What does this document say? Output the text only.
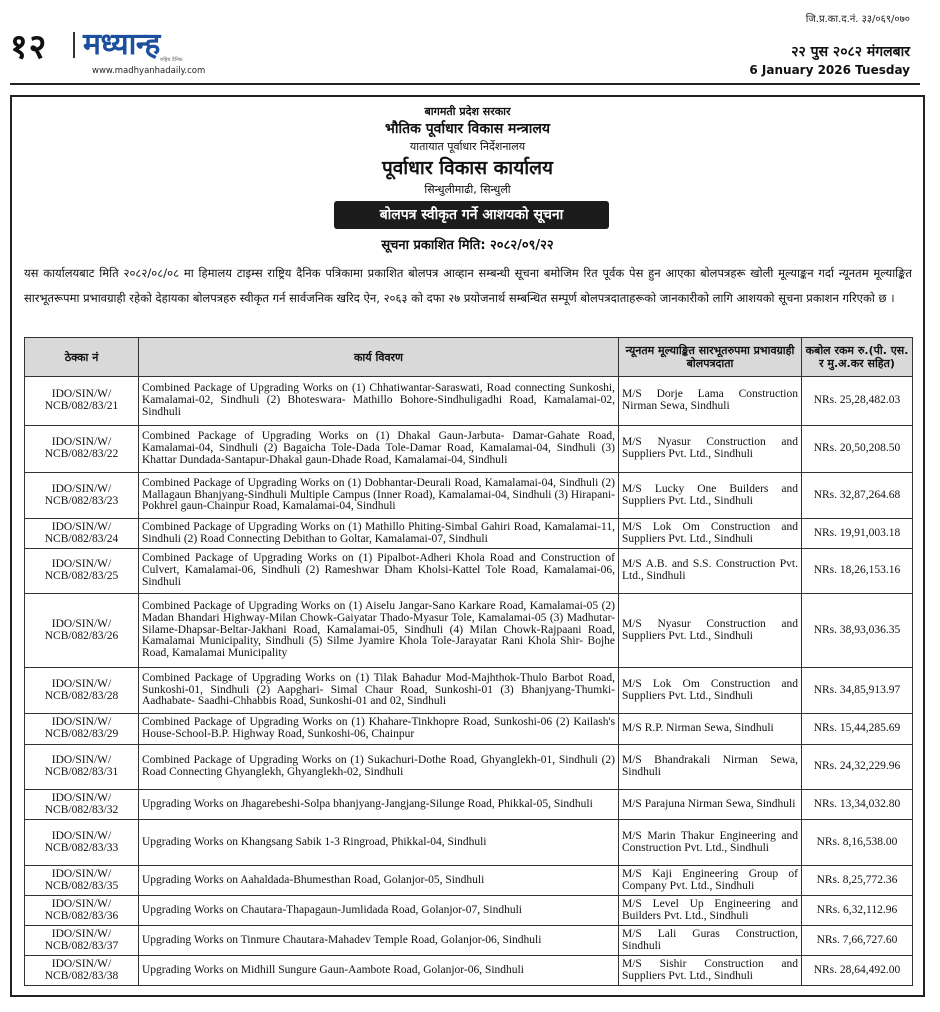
जि.प्र.का.द.नं. ३३/०६९/०७०
१२ मध्यान्ह राष्ट्रिय दैनिक
www.madhyanhadaily.com
२२ पुस २०८२ मंगलबार
6 January 2026 Tuesday
बागमती प्रदेश सरकार
भौतिक पूर्वाधार विकास मन्त्रालय
यातायात पूर्वाधार निर्देशनालय
पूर्वाधार विकास कार्यालय
सिन्धुलीमाढी, सिन्धुली
बोलपत्र स्वीकृत गर्ने आशयको सूचना
सूचना प्रकाशित मिति: २०८२/०९/२२
यस कार्यालयबाट मिति २०८२/०८/०८ मा हिमालय टाइम्स राष्ट्रिय दैनिक पत्रिकामा प्रकाशित बोलपत्र आव्हान सम्बन्धी सूचना बमोजिम रित पूर्वक पेस हुन आएका बोलपत्रहरू खोली मूल्याङ्कन गर्दा न्यूनतम मूल्याङ्कित सारभूतरूपमा प्रभावग्राही रहेको देहायका बोलपत्रहरु स्वीकृत गर्न सार्वजनिक खरिद ऐन, २०६३ को दफा २७ प्रयोजनार्थ सम्बन्धित सम्पूर्ण बोलपत्रदाताहरूको जानकारीको लागि आशयको सूचना प्रकाशन गरिएको छ ।
ठेक्का नं	कार्य विवरण	न्यूनतम मूल्याङ्कित सारभूतरुपमा प्रभावग्राही बोलपत्रदाता	कबोल रकम रु.(पी. एस. र मु.अ.कर सहित)
IDO/SIN/W/ NCB/082/83/21	Combined Package of Upgrading Works on (1) Chhatiwantar-Saraswati, Road connecting Sunkoshi, Kamalamai-02, Sindhuli (2) Bhoteswara- Mathillo Bohore-Sindhuligadhi Road, Kamalamai-02, Sindhuli	M/S Dorje Lama Construction Nirman Sewa, Sindhuli	NRs. 25,28,482.03
IDO/SIN/W/ NCB/082/83/22	Combined Package of Upgrading Works on (1) Dhakal Gaun-Jarbuta- Damar-Gahate Road, Kamalamai-04, Sindhuli (2) Bagaicha Tole-Dada Tole-Damar Road, Kamalamai-04, Sindhuli (3) Khattar Dundada-Santapur-Dhakal gaun-Dhade Road, Kamalamai-04, Sindhuli	M/S Nyasur Construction and Suppliers Pvt. Ltd., Sindhuli	NRs. 20,50,208.50
IDO/SIN/W/ NCB/082/83/23	Combined Package of Upgrading Works on (1) Dobhantar-Deurali Road, Kamalamai-04, Sindhuli (2) Mallagaun Bhanjyang-Sindhuli Multiple Campus (Inner Road), Kamalamai-04, Sindhuli (3) Hirapani- Pokhrel gaun-Chainpur Road, Kamalamai-04, Sindhuli	M/S Lucky One Builders and Suppliers Pvt. Ltd., Sindhuli	NRs. 32,87,264.68
IDO/SIN/W/ NCB/082/83/24	Combined Package of Upgrading Works on (1) Mathillo Phiting-Simbal Gahiri Road, Kamalamai-11, Sindhuli (2) Road Connecting Debithan to Goltar, Kamalamai-07, Sindhuli	M/S Lok Om Construction and Suppliers Pvt. Ltd., Sindhuli	NRs. 19,91,003.18
IDO/SIN/W/ NCB/082/83/25	Combined Package of Upgrading Works on (1) Pipalbot-Adheri Khola Road and Construction of Culvert, Kamalamai-06, Sindhuli (2) Rameshwar Dham Kholsi-Kattel Tole Road, Kamalamai-06, Sindhuli	M/S A.B. and S.S. Construction Pvt. Ltd., Sindhuli	NRs. 18,26,153.16
IDO/SIN/W/ NCB/082/83/26	Combined Package of Upgrading Works on (1) Aiselu Jangar-Sano Karkare Road, Kamalamai-05 (2) Madan Bhandari Highway-Milan Chowk-Gaiyatar Thado-Myasur Tole, Kamalamai-05 (3) Madhutar-Silame-Dhapsar-Beltar-Jakhani Road, Kamalamai-05, Sindhuli (4) Milan Chowk-Rajpaani Road, Kamalamai Municipality, Sindhuli (5) Silme Jyamire Khola Tole-Jarayatar Rani Khola Shir- Bojhe Road, Kamalamai Municipality	M/S Nyasur Construction and Suppliers Pvt. Ltd., Sindhuli	NRs. 38,93,036.35
IDO/SIN/W/ NCB/082/83/28	Combined Package of Upgrading Works on (1) Tilak Bahadur Mod-Majhthok-Thulo Barbot Road, Sunkoshi-01, Sindhuli (2) Aapghari- Simal Chaur Road, Sunkoshi-01 (3) Bhanjyang-Thumki-Aadhabate- Saadhi-Chhabbis Road, Sunkoshi-01 and 02, Sindhuli	M/S Lok Om Construction and Suppliers Pvt. Ltd., Sindhuli	NRs. 34,85,913.97
IDO/SIN/W/ NCB/082/83/29	Combined Package of Upgrading Works on (1) Khahare-Tinkhopre Road, Sunkoshi-06 (2) Kailash's House-School-B.P. Highway Road, Sunkoshi-06, Chainpur	M/S R.P. Nirman Sewa, Sindhuli	NRs. 15,44,285.69
IDO/SIN/W/ NCB/082/83/31	Combined Package of Upgrading Works on (1) Sukachuri-Dothe Road, Ghyanglekh-01, Sindhuli (2) Road Connecting Ghyanglekh, Ghyanglekh-02, Sindhuli	M/S Bhandrakali Nirman Sewa, Sindhuli	NRs. 24,32,229.96
IDO/SIN/W/ NCB/082/83/32	Upgrading Works on Jhagarebeshi-Solpa bhanjyang-Jangjang-Silunge Road, Phikkal-05, Sindhuli	M/S Parajuna Nirman Sewa, Sindhuli	NRs. 13,34,032.80
IDO/SIN/W/ NCB/082/83/33	Upgrading Works on Khangsang Sabik 1-3 Ringroad, Phikkal-04, Sindhuli	M/S Marin Thakur Engineering and Construction Pvt. Ltd., Sindhuli	NRs. 8,16,538.00
IDO/SIN/W/ NCB/082/83/35	Upgrading Works on Aahaldada-Bhumesthan Road, Golanjor-05, Sindhuli	M/S Kaji Engineering Group of Company Pvt. Ltd., Sindhuli	NRs. 8,25,772.36
IDO/SIN/W/ NCB/082/83/36	Upgrading Works on Chautara-Thapagaun-Jumlidada Road, Golanjor-07, Sindhuli	M/S Level Up Engineering and Builders Pvt. Ltd., Sindhuli	NRs. 6,32,112.96
IDO/SIN/W/ NCB/082/83/37	Upgrading Works on Tinmure Chautara-Mahadev Temple Road, Golanjor-06, Sindhuli	M/S Lali Guras Construction, Sindhuli	NRs. 7,66,727.60
IDO/SIN/W/ NCB/082/83/38	Upgrading Works on Midhill Sungure Gaun-Aambote Road, Golanjor-06, Sindhuli	M/S Sishir Construction and Suppliers Pvt. Ltd., Sindhuli	NRs. 28,64,492.00
